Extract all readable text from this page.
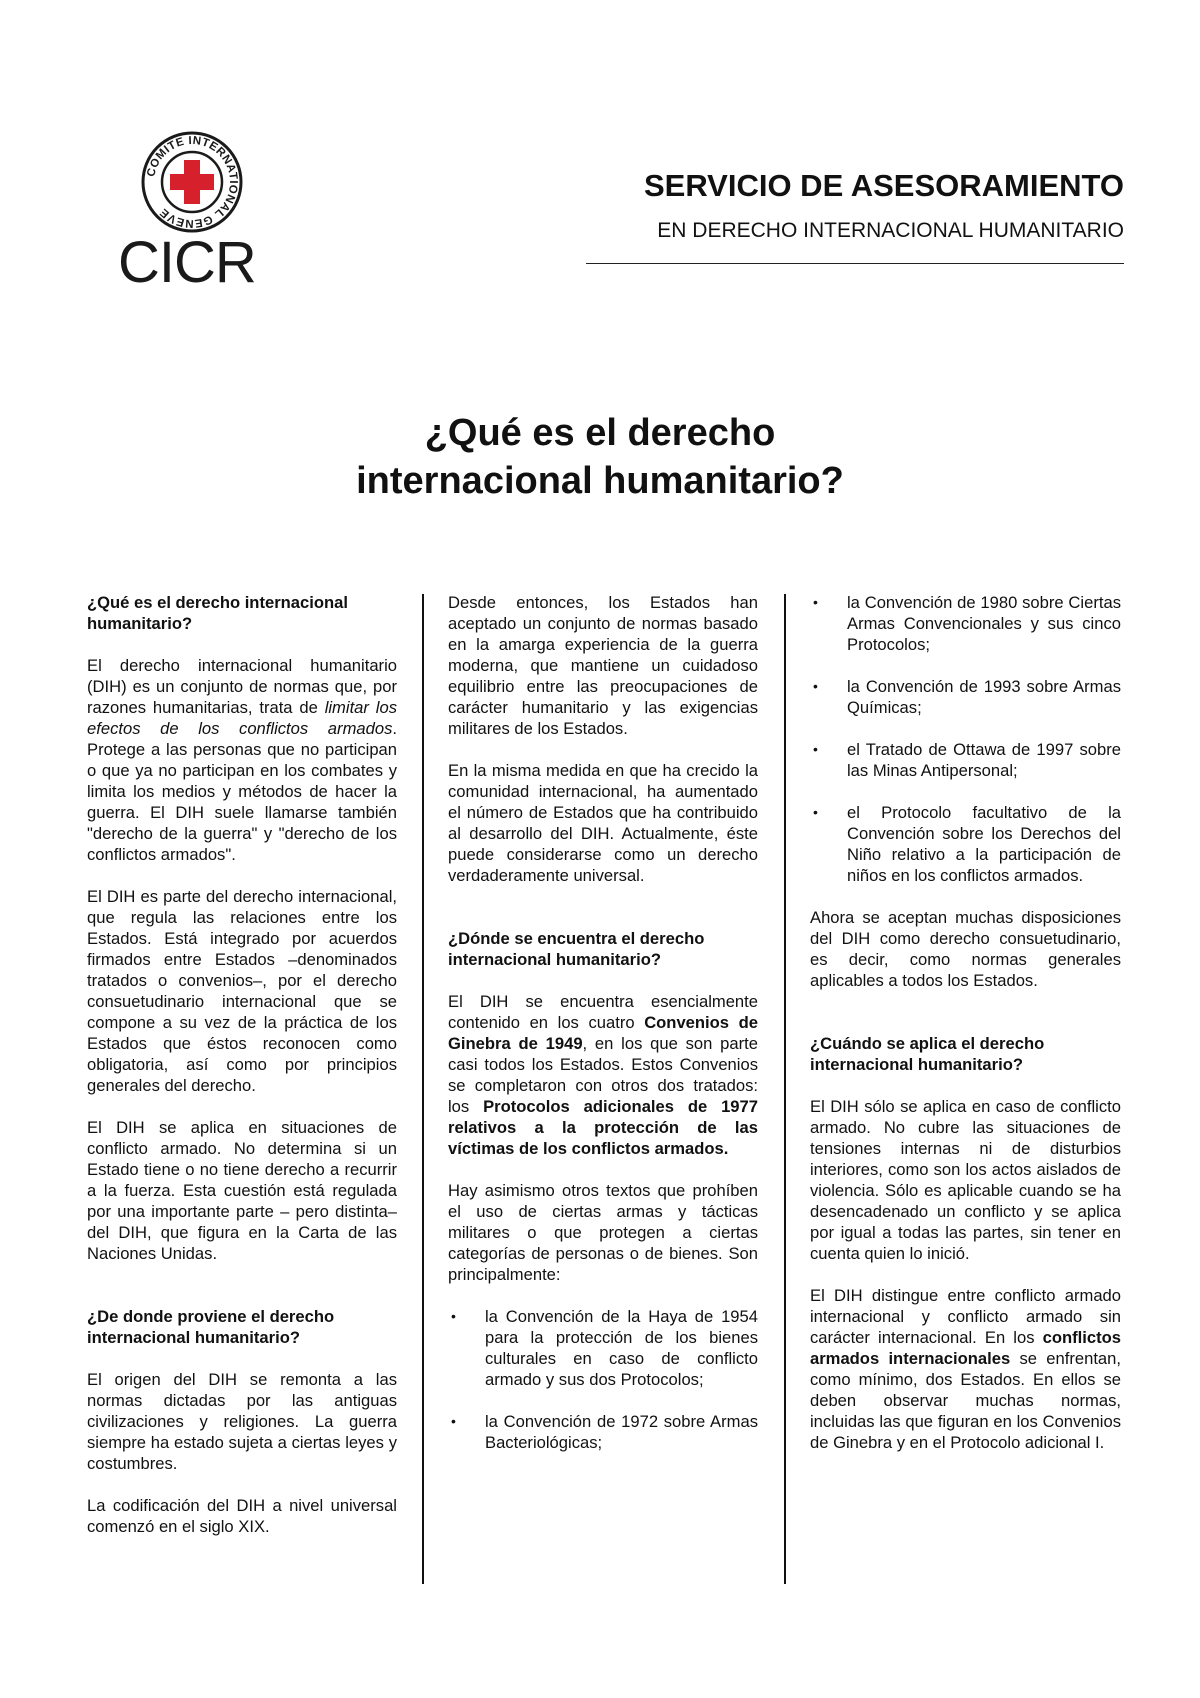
COMITE INTERNATIONAL GENEVE
CICR
SERVICIO DE ASESORAMIENTO
EN DERECHO INTERNACIONAL HUMANITARIO
¿Qué es el derecho
internacional humanitario?
¿Qué es el derecho internacional humanitario?

El derecho internacional humanitario (DIH) es un conjunto de normas que, por razones humanitarias, trata de limitar los efectos de los conflictos armados. Protege a las personas que no participan o que ya no participan en los combates y limita los medios y métodos de hacer la guerra. El DIH suele llamarse también "derecho de la guerra" y "derecho de los conflictos armados".

El DIH es parte del derecho internacional, que regula las relaciones entre los Estados. Está integrado por acuerdos firmados entre Estados –denominados tratados o convenios–, por el derecho consuetudinario internacional que se compone a su vez de la práctica de los Estados que éstos reconocen como obligatoria, así como por principios generales del derecho.

El DIH se aplica en situaciones de conflicto armado. No determina si un Estado tiene o no tiene derecho a recurrir a la fuerza. Esta cuestión está regulada por una importante parte – pero distinta– del DIH, que figura en la Carta de las Naciones Unidas.

¿De donde proviene el derecho internacional humanitario?

El origen del DIH se remonta a las normas dictadas por las antiguas civilizaciones y religiones. La guerra siempre ha estado sujeta a ciertas leyes y costumbres.

La codificación del DIH a nivel universal comenzó en el siglo XIX.

Desde entonces, los Estados han aceptado un conjunto de normas basado en la amarga experiencia de la guerra moderna, que mantiene un cuidadoso equilibrio entre las preocupaciones de carácter humanitario y las exigencias militares de los Estados.

En la misma medida en que ha crecido la comunidad internacional, ha aumentado el número de Estados que ha contribuido al desarrollo del DIH. Actualmente, éste puede considerarse como un derecho verdaderamente universal.

¿Dónde se encuentra el derecho internacional humanitario?

El DIH se encuentra esencialmente contenido en los cuatro Convenios de Ginebra de 1949, en los que son parte casi todos los Estados. Estos Convenios se completaron con otros dos tratados: los Protocolos adicionales de 1977 relativos a la protección de las víctimas de los conflictos armados.

Hay asimismo otros textos que prohíben el uso de ciertas armas y tácticas militares o que protegen a ciertas categorías de personas o de bienes. Son principalmente:

• la Convención de la Haya de 1954 para la protección de los bienes culturales en caso de conflicto armado y sus dos Protocolos;
• la Convención de 1972 sobre Armas Bacteriológicas;
• la Convención de 1980 sobre Ciertas Armas Convencionales y sus cinco Protocolos;
• la Convención de 1993 sobre Armas Químicas;
• el Tratado de Ottawa de 1997 sobre las Minas Antipersonal;
• el Protocolo facultativo de la Convención sobre los Derechos del Niño relativo a la participación de niños en los conflictos armados.

Ahora se aceptan muchas disposiciones del DIH como derecho consuetudinario, es decir, como normas generales aplicables a todos los Estados.

¿Cuándo se aplica el derecho internacional humanitario?

El DIH sólo se aplica en caso de conflicto armado. No cubre las situaciones de tensiones internas ni de disturbios interiores, como son los actos aislados de violencia. Sólo es aplicable cuando se ha desencadenado un conflicto y se aplica por igual a todas las partes, sin tener en cuenta quien lo inició.

El DIH distingue entre conflicto armado internacional y conflicto armado sin carácter internacional. En los conflictos armados internacionales se enfrentan, como mínimo, dos Estados. En ellos se deben observar muchas normas, incluidas las que figuran en los Convenios de Ginebra y en el Protocolo adicional I.
